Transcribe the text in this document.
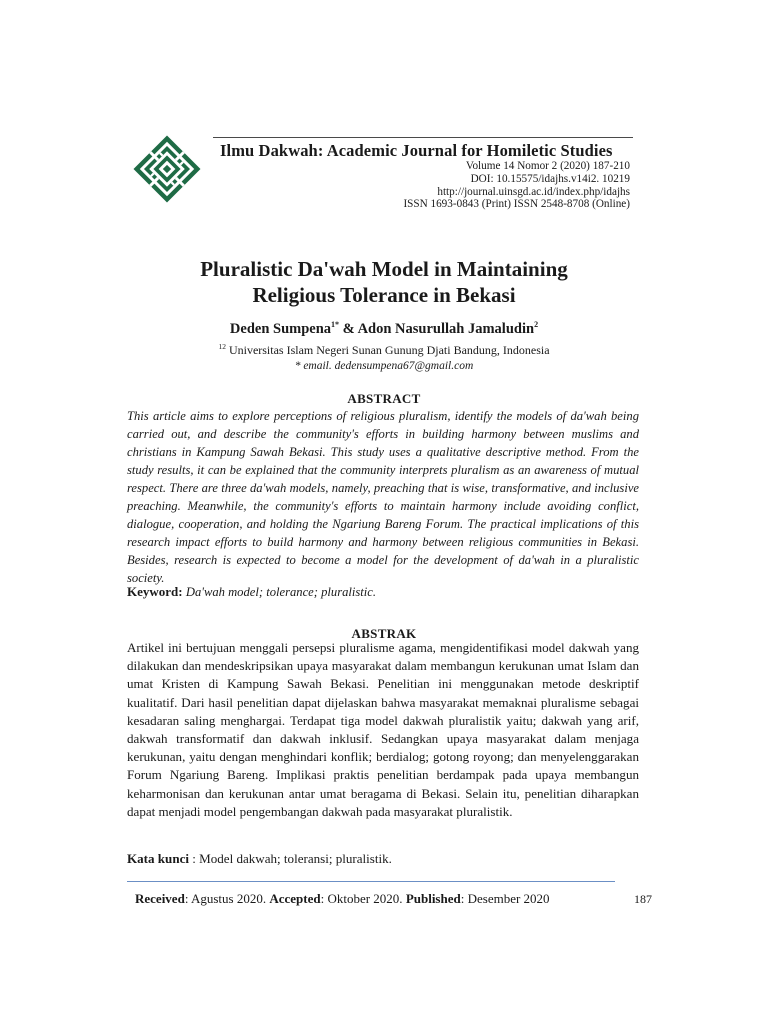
Ilmu Dakwah: Academic Journal for Homiletic Studies
Volume 14 Nomor 2 (2020) 187-210
DOI: 10.15575/idajhs.v14i2. 10219
http://journal.uinsgd.ac.id/index.php/idajhs
ISSN 1693-0843 (Print) ISSN 2548-8708 (Online)
Pluralistic Da'wah Model in Maintaining
Religious Tolerance in Bekasi
Deden Sumpena$^{1*}$ & Adon Nasurullah Jamaludin$^2$
$^{12}$ Universitas Islam Negeri Sunan Gunung Djati Bandung, Indonesia
* email. dedensumpena67@gmail.com
ABSTRACT
This article aims to explore perceptions of religious pluralism, identify the models of da'wah being carried out, and describe the community's efforts in building harmony between muslims and christians in Kampung Sawah Bekasi. This study uses a qualitative descriptive method. From the study results, it can be explained that the community interprets pluralism as an awareness of mutual respect. There are three da'wah models, namely, preaching that is wise, transformative, and inclusive preaching. Meanwhile, the community's efforts to maintain harmony include avoiding conflict, dialogue, cooperation, and holding the Ngariung Bareng Forum. The practical implications of this research impact efforts to build harmony and harmony between religious communities in Bekasi. Besides, research is expected to become a model for the development of da'wah in a pluralistic society.
Keyword: Da'wah model; tolerance; pluralistic.
ABSTRAK
Artikel ini bertujuan menggali persepsi pluralisme agama, mengidentifikasi model dakwah yang dilakukan dan mendeskripsikan upaya masyarakat dalam membangun kerukunan umat Islam dan umat Kristen di Kampung Sawah Bekasi. Penelitian ini menggunakan metode deskriptif kualitatif. Dari hasil penelitian dapat dijelaskan bahwa masyarakat memaknai pluralisme sebagai kesadaran saling menghargai. Terdapat tiga model dakwah pluralistik yaitu; dakwah yang arif, dakwah transformatif dan dakwah inklusif. Sedangkan upaya masyarakat dalam menjaga kerukunan, yaitu dengan menghindari konflik; berdialog; gotong royong; dan menyelenggarakan Forum Ngariung Bareng. Implikasi praktis penelitian berdampak pada upaya membangun keharmonisan dan kerukunan antar umat beragama di Bekasi. Selain itu, penelitian diharapkan dapat menjadi model pengembangan dakwah pada masyarakat pluralistik.
Kata kunci : Model dakwah; toleransi; pluralistik.
Received: Agustus 2020. Accepted: Oktober 2020. Published: Desember 2020	187
